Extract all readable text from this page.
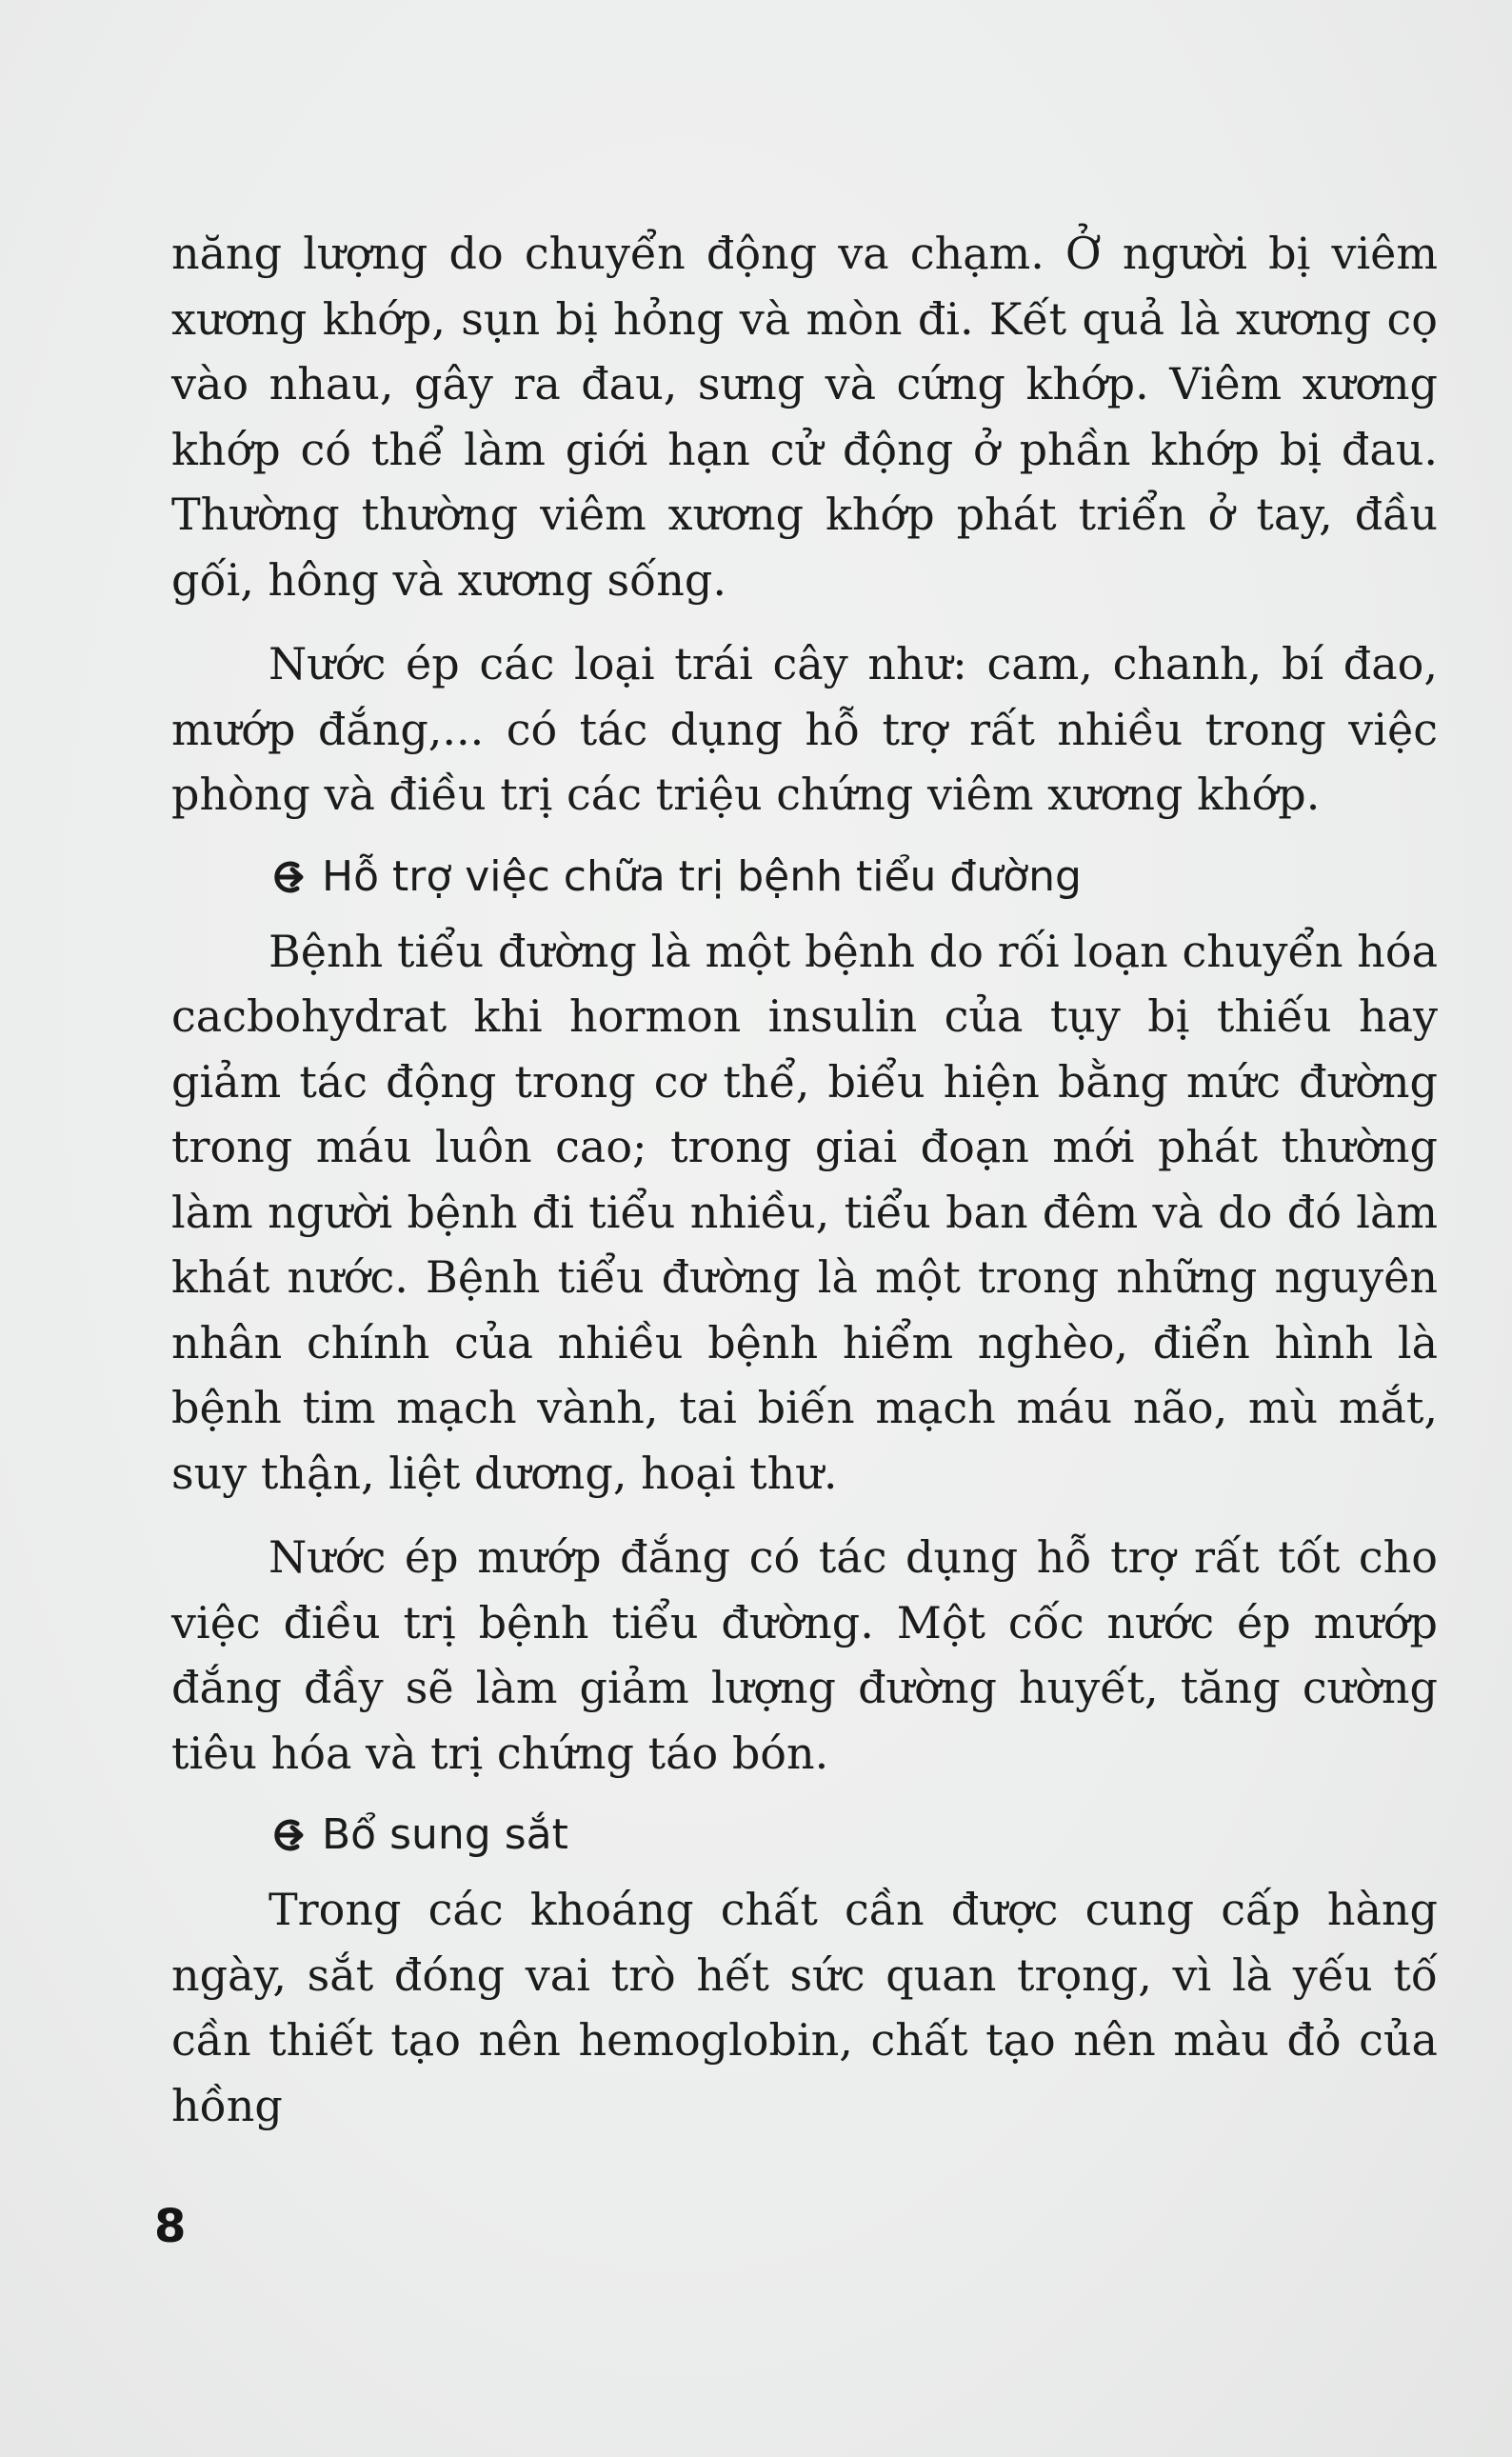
năng lượng do chuyển động va chạm. Ở người bị viêm xương khớp, sụn bị hỏng và mòn đi. Kết quả là xương cọ vào nhau, gây ra đau, sưng và cứng khớp. Viêm xương khớp có thể làm giới hạn cử động ở phần khớp bị đau. Thường thường viêm xương khớp phát triển ở tay, đầu gối, hông và xương sống.

Nước ép các loại trái cây như: cam, chanh, bí đao, mướp đắng,... có tác dụng hỗ trợ rất nhiều trong việc phòng và điều trị các triệu chứng viêm xương khớp.

Hỗ trợ việc chữa trị bệnh tiểu đường

Bệnh tiểu đường là một bệnh do rối loạn chuyển hóa cacbohydrat khi hormon insulin của tụy bị thiếu hay giảm tác động trong cơ thể, biểu hiện bằng mức đường trong máu luôn cao; trong giai đoạn mới phát thường làm người bệnh đi tiểu nhiều, tiểu ban đêm và do đó làm khát nước. Bệnh tiểu đường là một trong những nguyên nhân chính của nhiều bệnh hiểm nghèo, điển hình là bệnh tim mạch vành, tai biến mạch máu não, mù mắt, suy thận, liệt dương, hoại thư.

Nước ép mướp đắng có tác dụng hỗ trợ rất tốt cho việc điều trị bệnh tiểu đường. Một cốc nước ép mướp đắng đầy sẽ làm giảm lượng đường huyết, tăng cường tiêu hóa và trị chứng táo bón.

Bổ sung sắt

Trong các khoáng chất cần được cung cấp hàng ngày, sắt đóng vai trò hết sức quan trọng, vì là yếu tố cần thiết tạo nên hemoglobin, chất tạo nên màu đỏ của hồng

8
